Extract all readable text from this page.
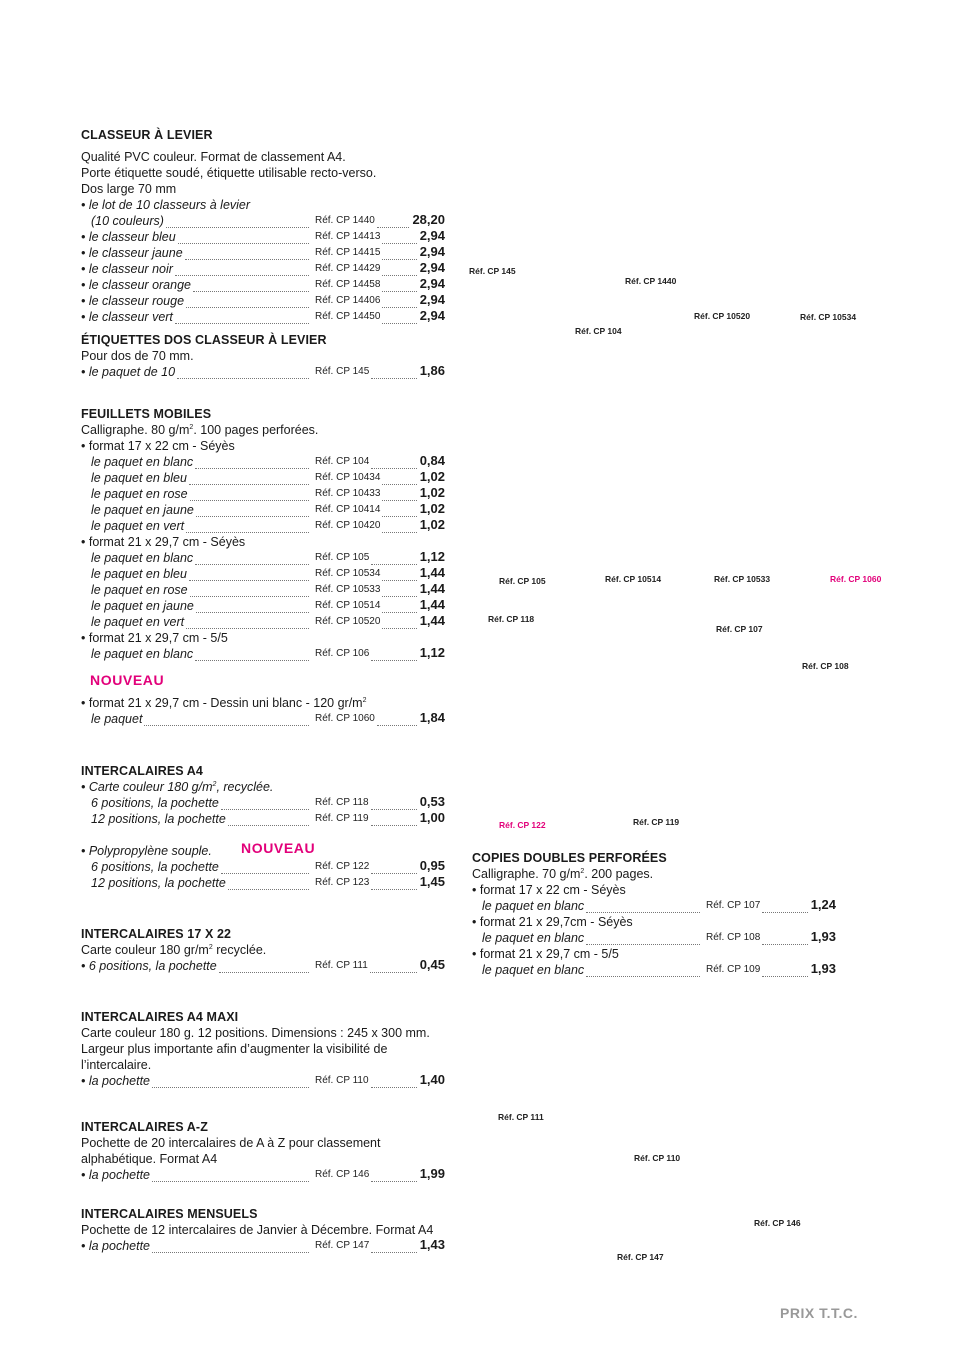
CLASSEUR À LEVIER
Qualité PVC couleur. Format de classement A4.
Porte étiquette soudé, étiquette utilisable recto-verso.
Dos large 70 mm
• le lot de 10 classeurs à levier
(10 couleurs)	Réf. CP 1440	28,20
• le classeur bleu	Réf. CP 14413	2,94
• le classeur jaune	Réf. CP 14415	2,94
• le classeur noir	Réf. CP 14429	2,94
• le classeur orange	Réf. CP 14458	2,94
• le classeur rouge	Réf. CP 14406	2,94
• le classeur vert	Réf. CP 14450	2,94
ÉTIQUETTES DOS CLASSEUR À LEVIER
Pour dos de 70 mm.
• le paquet de 10	Réf. CP 145	1,86
FEUILLETS MOBILES
Calligraphe. 80 $g/m^2$. 100 pages perforées.
• format 17 x 22 cm - Séyès
le paquet en blanc	Réf. CP 104	0,84
le paquet en bleu	Réf. CP 10434	1,02
le paquet en rose	Réf. CP 10433	1,02
le paquet en jaune	Réf. CP 10414	1,02
le paquet en vert	Réf. CP 10420	1,02
• format 21 x 29,7 cm - Séyès
le paquet en blanc	Réf. CP 105	1,12
le paquet en bleu	Réf. CP 10534	1,44
le paquet en rose	Réf. CP 10533	1,44
le paquet en jaune	Réf. CP 10514	1,44
le paquet en vert	Réf. CP 10520	1,44
• format 21 x 29,7 cm - 5/5
le paquet en blanc	Réf. CP 106	1,12
NOUVEAU
• format 21 x 29,7 cm - Dessin uni blanc - 120 $gr/m^2$
le paquet	Réf. CP 1060	1,84
INTERCALAIRES A4
• Carte couleur 180 $g/m^2$, recyclée.
6 positions, la pochette	Réf. CP 118	0,53
12 positions, la pochette	Réf. CP 119	1,00
• Polypropylène souple.
6 positions, la pochette	Réf. CP 122	0,95
12 positions, la pochette	Réf. CP 123	1,45
NOUVEAU
INTERCALAIRES 17 X 22
Carte couleur 180 $gr/m^2$ recyclée.
• 6 positions, la pochette	Réf. CP 111	0,45
INTERCALAIRES A4 MAXI
Carte couleur 180 g. 12 positions. Dimensions : 245 x 300 mm.
Largeur plus importante afin d’augmenter la visibilité de
l’intercalaire.
• la pochette	Réf. CP 110	1,40
INTERCALAIRES A-Z
Pochette de 20 intercalaires de A à Z pour classement
alphabétique. Format A4
• la pochette	Réf. CP 146	1,99
INTERCALAIRES MENSUELS
Pochette de 12 intercalaires de Janvier à Décembre. Format A4
• la pochette	Réf. CP 147	1,43
COPIES DOUBLES PERFORÉES
Calligraphe. 70 $g/m^2$. 200 pages.
• format 17 x 22 cm - Séyès
le paquet en blanc	Réf. CP 107	1,24
• format 21 x 29,7cm - Séyès
le paquet en blanc	Réf. CP 108	1,93
• format 21 x 29,7 cm - 5/5
le paquet en blanc	Réf. CP 109	1,93
Réf. CP 145
Réf. CP 1440
Réf. CP 10520	Réf. CP 10534
Réf. CP 104
Réf. CP 105	Réf. CP 10514	Réf. CP 10533	Réf. CP 1060
Réf. CP 118
Réf. CP 107
Réf. CP 108
Réf. CP 122	Réf. CP 119
Réf. CP 111
Réf. CP 110
Réf. CP 146
Réf. CP 147
PRIX T.T.C.
